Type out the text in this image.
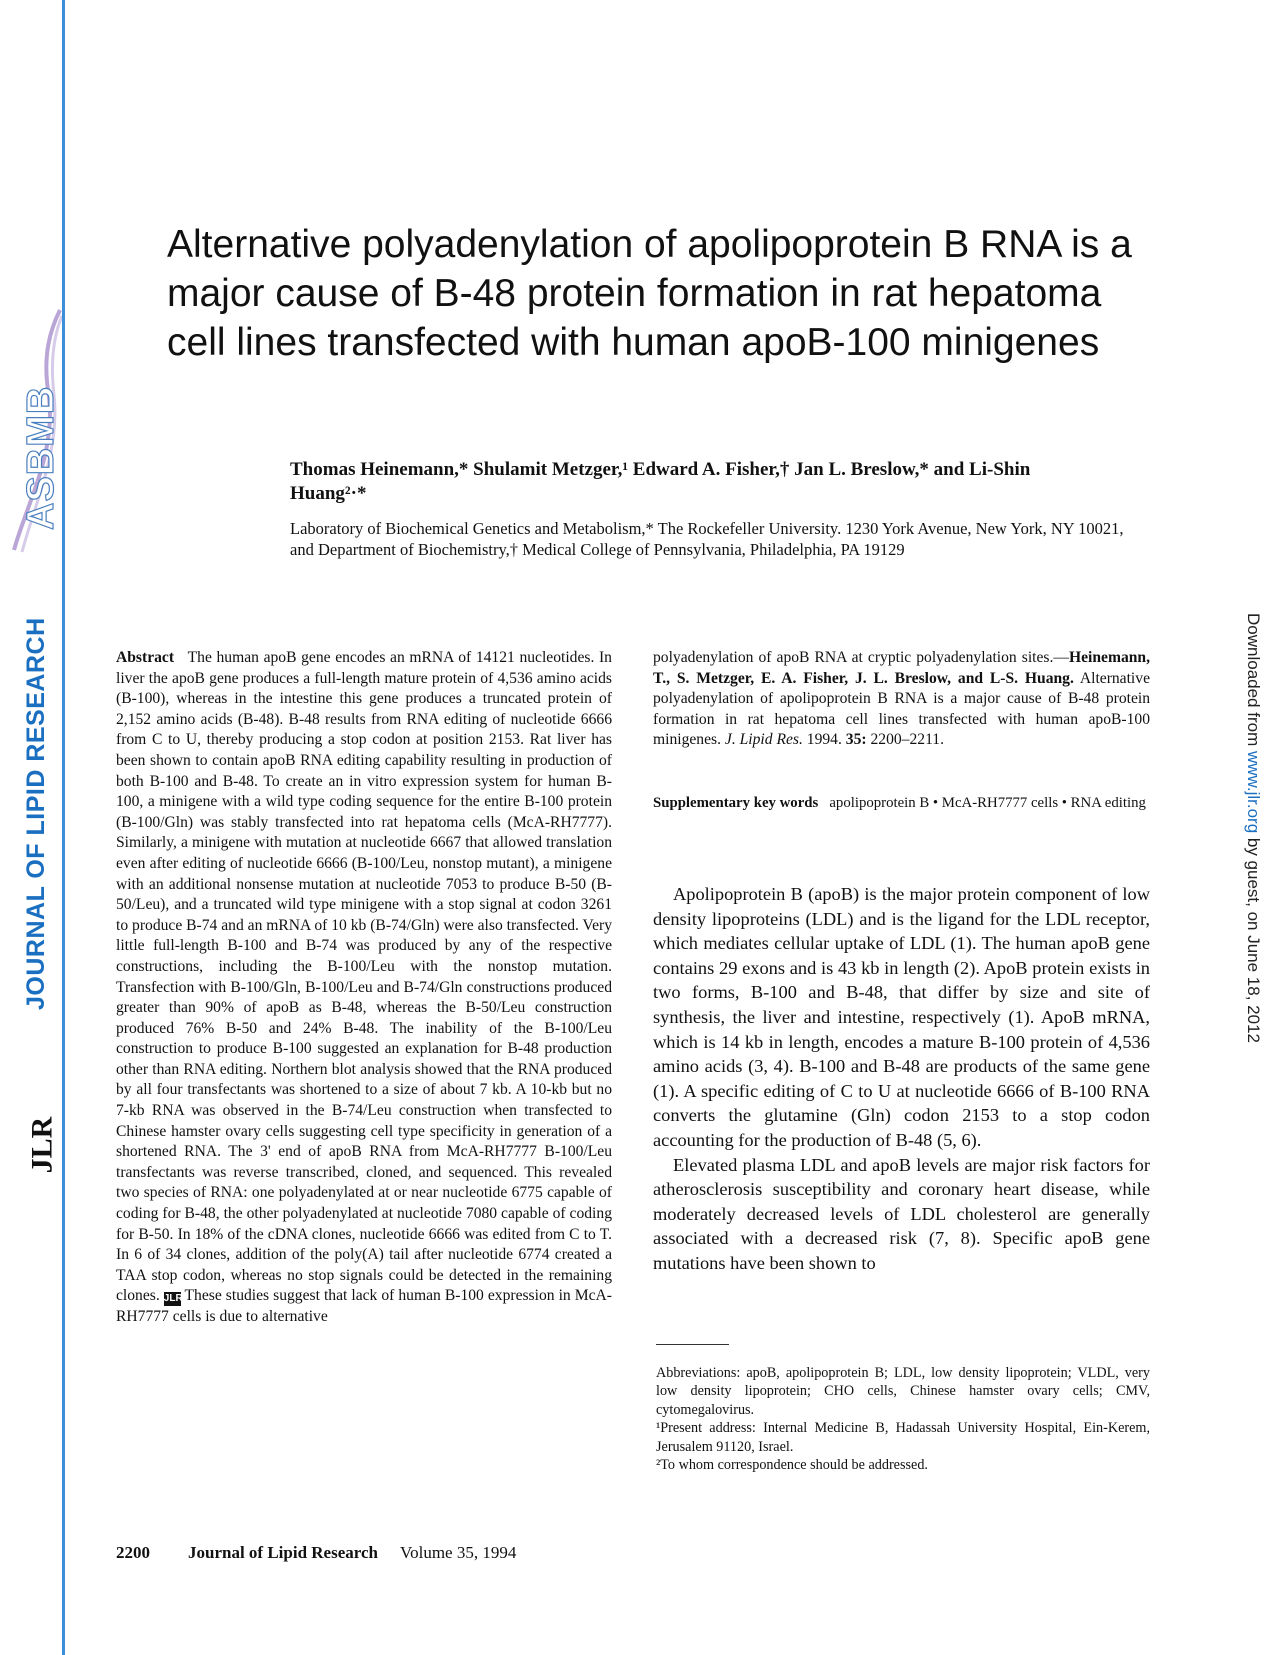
ASBMB
JOURNAL OF LIPID RESEARCH
JLR
Downloaded from www.jlr.org by guest, on June 18, 2012
Alternative polyadenylation of apolipoprotein B RNA is a major cause of B-48 protein formation in rat hepatoma cell lines transfected with human apoB-100 minigenes

Thomas Heinemann,* Shulamit Metzger,¹ Edward A. Fisher,† Jan L. Breslow,* and Li-Shin Huang²·*

Laboratory of Biochemical Genetics and Metabolism,* The Rockefeller University. 1230 York Avenue, New York, NY 10021, and Department of Biochemistry,† Medical College of Pennsylvania, Philadelphia, PA 19129

Abstract The human apoB gene encodes an mRNA of 14121 nucleotides. In liver the apoB gene produces a full-length mature protein of 4,536 amino acids (B-100), whereas in the intestine this gene produces a truncated protein of 2,152 amino acids (B-48). B-48 results from RNA editing of nucleotide 6666 from C to U, thereby producing a stop codon at position 2153. Rat liver has been shown to contain apoB RNA editing capability resulting in production of both B-100 and B-48. To create an in vitro expression system for human B-100, a minigene with a wild type coding sequence for the entire B-100 protein (B-100/Gln) was stably transfected into rat hepatoma cells (McA-RH7777). Similarly, a minigene with mutation at nucleotide 6667 that allowed translation even after editing of nucleotide 6666 (B-100/Leu, nonstop mutant), a minigene with an additional nonsense mutation at nucleotide 7053 to produce B-50 (B-50/Leu), and a truncated wild type minigene with a stop signal at codon 3261 to produce B-74 and an mRNA of 10 kb (B-74/Gln) were also transfected. Very little full-length B-100 and B-74 was produced by any of the respective constructions, including the B-100/Leu with the nonstop mutation. Transfection with B-100/Gln, B-100/Leu and B-74/Gln constructions produced greater than 90% of apoB as B-48, whereas the B-50/Leu construction produced 76% B-50 and 24% B-48. The inability of the B-100/Leu construction to produce B-100 suggested an explanation for B-48 production other than RNA editing. Northern blot analysis showed that the RNA produced by all four transfectants was shortened to a size of about 7 kb. A 10-kb but no 7-kb RNA was observed in the B-74/Leu construction when transfected to Chinese hamster ovary cells suggesting cell type specificity in generation of a shortened RNA. The 3' end of apoB RNA from McA-RH7777 B-100/Leu transfectants was reverse transcribed, cloned, and sequenced. This revealed two species of RNA: one polyadenylated at or near nucleotide 6775 capable of coding for B-48, the other polyadenylated at nucleotide 7080 capable of coding for B-50. In 18% of the cDNA clones, nucleotide 6666 was edited from C to T. In 6 of 34 clones, addition of the poly(A) tail after nucleotide 6774 created a TAA stop codon, whereas no stop signals could be detected in the remaining clones. JLR These studies suggest that lack of human B-100 expression in McA-RH7777 cells is due to alternative

polyadenylation of apoB RNA at cryptic polyadenylation sites.—Heinemann, T., S. Metzger, E. A. Fisher, J. L. Breslow, and L-S. Huang. Alternative polyadenylation of apolipoprotein B RNA is a major cause of B-48 protein formation in rat hepatoma cell lines transfected with human apoB-100 minigenes. J. Lipid Res. 1994. 35: 2200–2211.

Supplementary key words apolipoprotein B • McA-RH7777 cells • RNA editing

Apolipoprotein B (apoB) is the major protein component of low density lipoproteins (LDL) and is the ligand for the LDL receptor, which mediates cellular uptake of LDL (1). The human apoB gene contains 29 exons and is 43 kb in length (2). ApoB protein exists in two forms, B-100 and B-48, that differ by size and site of synthesis, the liver and intestine, respectively (1). ApoB mRNA, which is 14 kb in length, encodes a mature B-100 protein of 4,536 amino acids (3, 4). B-100 and B-48 are products of the same gene (1). A specific editing of C to U at nucleotide 6666 of B-100 RNA converts the glutamine (Gln) codon 2153 to a stop codon accounting for the production of B-48 (5, 6).

Elevated plasma LDL and apoB levels are major risk factors for atherosclerosis susceptibility and coronary heart disease, while moderately decreased levels of LDL cholesterol are generally associated with a decreased risk (7, 8). Specific apoB gene mutations have been shown to

Abbreviations: apoB, apolipoprotein B; LDL, low density lipoprotein; VLDL, very low density lipoprotein; CHO cells, Chinese hamster ovary cells; CMV, cytomegalovirus.

¹Present address: Internal Medicine B, Hadassah University Hospital, Ein-Kerem, Jerusalem 91120, Israel.

²To whom correspondence should be addressed.

2200 Journal of Lipid Research Volume 35, 1994
